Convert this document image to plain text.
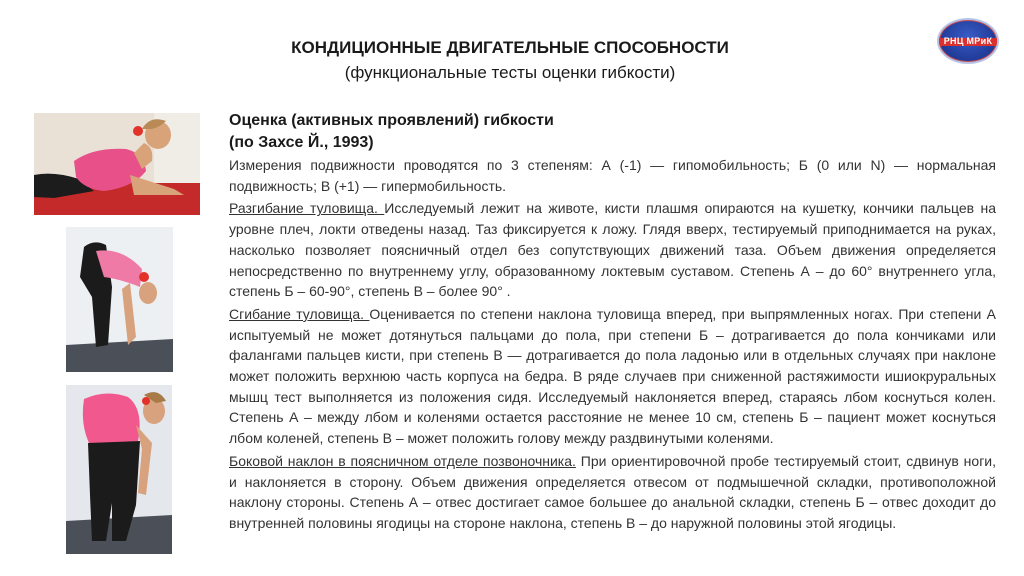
КОНДИЦИОННЫЕ ДВИГАТЕЛЬНЫЕ СПОСОБНОСТИ
(функциональные тесты оценки гибкости)
РНЦ МРиК
Оценка (активных проявлений) гибкости
(по Захсе Й., 1993)

Измерения подвижности проводятся по 3 степеням: А (-1) — гипомобильность; Б (0 или N) — нормальная подвижность; В (+1) — гипермобильность.

Разгибание туловища. Исследуемый лежит на животе, кисти плашмя опираются на кушетку, кончики пальцев на уровне плеч, локти отведены назад. Таз фиксируется к ложу. Глядя вверх, тестируемый приподнимается на руках, насколько позволяет поясничный отдел без сопутствующих движений таза. Объем движения определяется непосредственно по внутреннему углу, образованному локтевым суставом. Степень А – до 60° внутреннего угла, степень Б – 60-90°, степень В – более 90° .

Сгибание туловища. Оценивается по степени наклона туловища вперед, при выпрямленных ногах. При степени А испытуемый не может дотянуться пальцами до пола, при степени Б – дотрагивается до пола кончиками или фалангами пальцев кисти, при степень В — дотрагивается до пола ладонью или в отдельных случаях при наклоне может положить верхнюю часть корпуса на бедра. В ряде случаев при сниженной растяжимости ишиокруральных мышц тест выполняется из положения сидя. Исследуемый наклоняется вперед, стараясь лбом коснуться колен. Степень А – между лбом и коленями остается расстояние не менее 10 см, степень Б – пациент может коснуться лбом коленей, степень В – может положить голову между раздвинутыми коленями.

Боковой наклон в поясничном отделе позвоночника. При ориентировочной пробе тестируемый стоит, сдвинув ноги, и наклоняется в сторону. Объем движения определяется отвесом от подмышечной складки, противоположной наклону стороны. Степень А – отвес достигает самое большее до анальной складки, степень Б – отвес доходит до внутренней половины ягодицы на стороне наклона, степень В – до наружной половины этой ягодицы.
